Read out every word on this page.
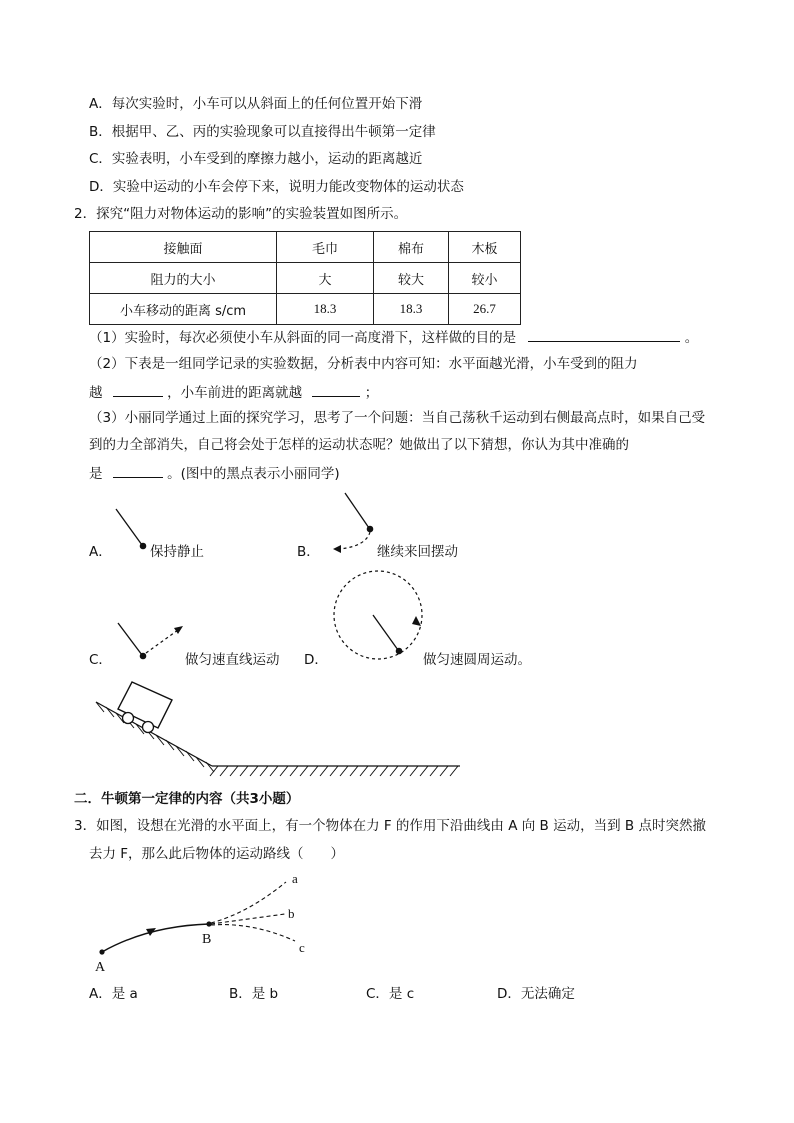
A．每次实验时，小车可以从斜面上的任何位置开始下滑
B．根据甲、乙、丙的实验现象可以直接得出牛顿第一定律
C．实验表明，小车受到的摩擦力越小，运动的距离越近
D．实验中运动的小车会停下来，说明力能改变物体的运动状态
2．探究“阻力对物体运动的影响”的实验装置如图所示。
接触面	毛巾	棉布	木板
阻力的大小	大	较大	较小
小车移动的距离 s/cm	18.3	18.3	26.7
（1）实验时，每次必须使小车从斜面的同一高度滑下，这样做的目的是	。
（2）下表是一组同学记录的实验数据，分析表中内容可知：水平面越光滑，小车受到的阻力
越	，小车前进的距离就越	；
（3）小丽同学通过上面的探究学习，思考了一个问题：当自己荡秋千运动到右侧最高点时，如果自己受
到的力全部消失，自己将会处于怎样的运动状态呢？她做出了以下猜想，你认为其中准确的
是	。(图中的黑点表示小丽同学)
A．	保持静止	B．	继续来回摆动
C．	做匀速直线运动 D．	做匀速圆周运动。
二．牛顿第一定律的内容（共3小题）
3．如图，设想在光滑的水平面上，有一个物体在力 F 的作用下沿曲线由 A 向 B 运动，当到 B 点时突然撤
去力 F，那么此后物体的运动路线（　　）
a
b
c
A
B
A．是 a	B．是 b	C．是 c	D．无法确定
